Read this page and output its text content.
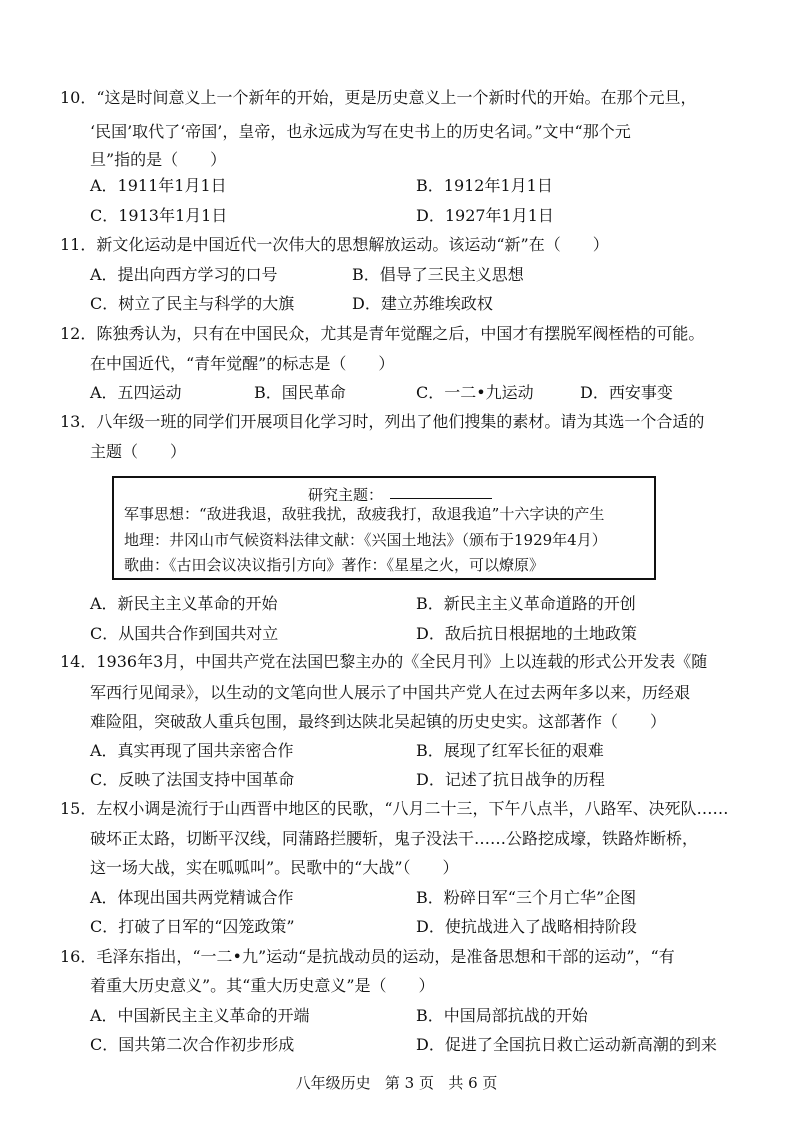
10．“这是时间意义上一个新年的开始，更是历史意义上一个新时代的开始。在那个元旦，
‘民国’取代了‘帝国’，皇帝，也永远成为写在史书上的历史名词。”文中“那个元
旦”指的是（　　）
A．1911年1月1日	B．1912年1月1日
C．1913年1月1日	D．1927年1月1日
11．新文化运动是中国近代一次伟大的思想解放运动。该运动“新”在（　　）
A．提出向西方学习的口号	B．倡导了三民主义思想
C．树立了民主与科学的大旗	D．建立苏维埃政权
12．陈独秀认为，只有在中国民众，尤其是青年觉醒之后，中国才有摆脱军阀桎梏的可能。
在中国近代，“青年觉醒”的标志是（　　）
A．五四运动	B．国民革命	C．一二•九运动	D．西安事变
13．八年级一班的同学们开展项目化学习时，列出了他们搜集的素材。请为其选一个合适的
主题（　　）
研究主题：
军事思想：“敌进我退，敌驻我扰，敌疲我打，敌退我追”十六字诀的产生
地理：井冈山市气候资料法律文献：《兴国土地法》（颁布于1929年4月）
歌曲：《古田会议决议指引方向》著作：《星星之火，可以燎原》
A．新民主主义革命的开始	B．新民主主义革命道路的开创
C．从国共合作到国共对立	D．敌后抗日根据地的土地政策
14．1936年3月，中国共产党在法国巴黎主办的《全民月刊》上以连载的形式公开发表《随
军西行见闻录》，以生动的文笔向世人展示了中国共产党人在过去两年多以来，历经艰
难险阻，突破敌人重兵包围，最终到达陕北吴起镇的历史史实。这部著作（　　）
A．真实再现了国共亲密合作	B．展现了红军长征的艰难
C．反映了法国支持中国革命	D．记述了抗日战争的历程
15．左权小调是流行于山西晋中地区的民歌，“八月二十三，下午八点半，八路军、决死队……
破坏正太路，切断平汉线，同蒲路拦腰斩，鬼子没法干……公路挖成壕，铁路炸断桥，
这一场大战，实在呱呱叫”。民歌中的“大战”（　　）
A．体现出国共两党精诚合作	B．粉碎日军“三个月亡华”企图
C．打破了日军的“囚笼政策”	D．使抗战进入了战略相持阶段
16．毛泽东指出，“一二•九”运动“是抗战动员的运动，是准备思想和干部的运动”，“有
着重大历史意义”。其“重大历史意义”是（　　）
A．中国新民主主义革命的开端	B．中国局部抗战的开始
C．国共第二次合作初步形成	D．促进了全国抗日救亡运动新高潮的到来
八年级历史 第 3 页 共 6 页
